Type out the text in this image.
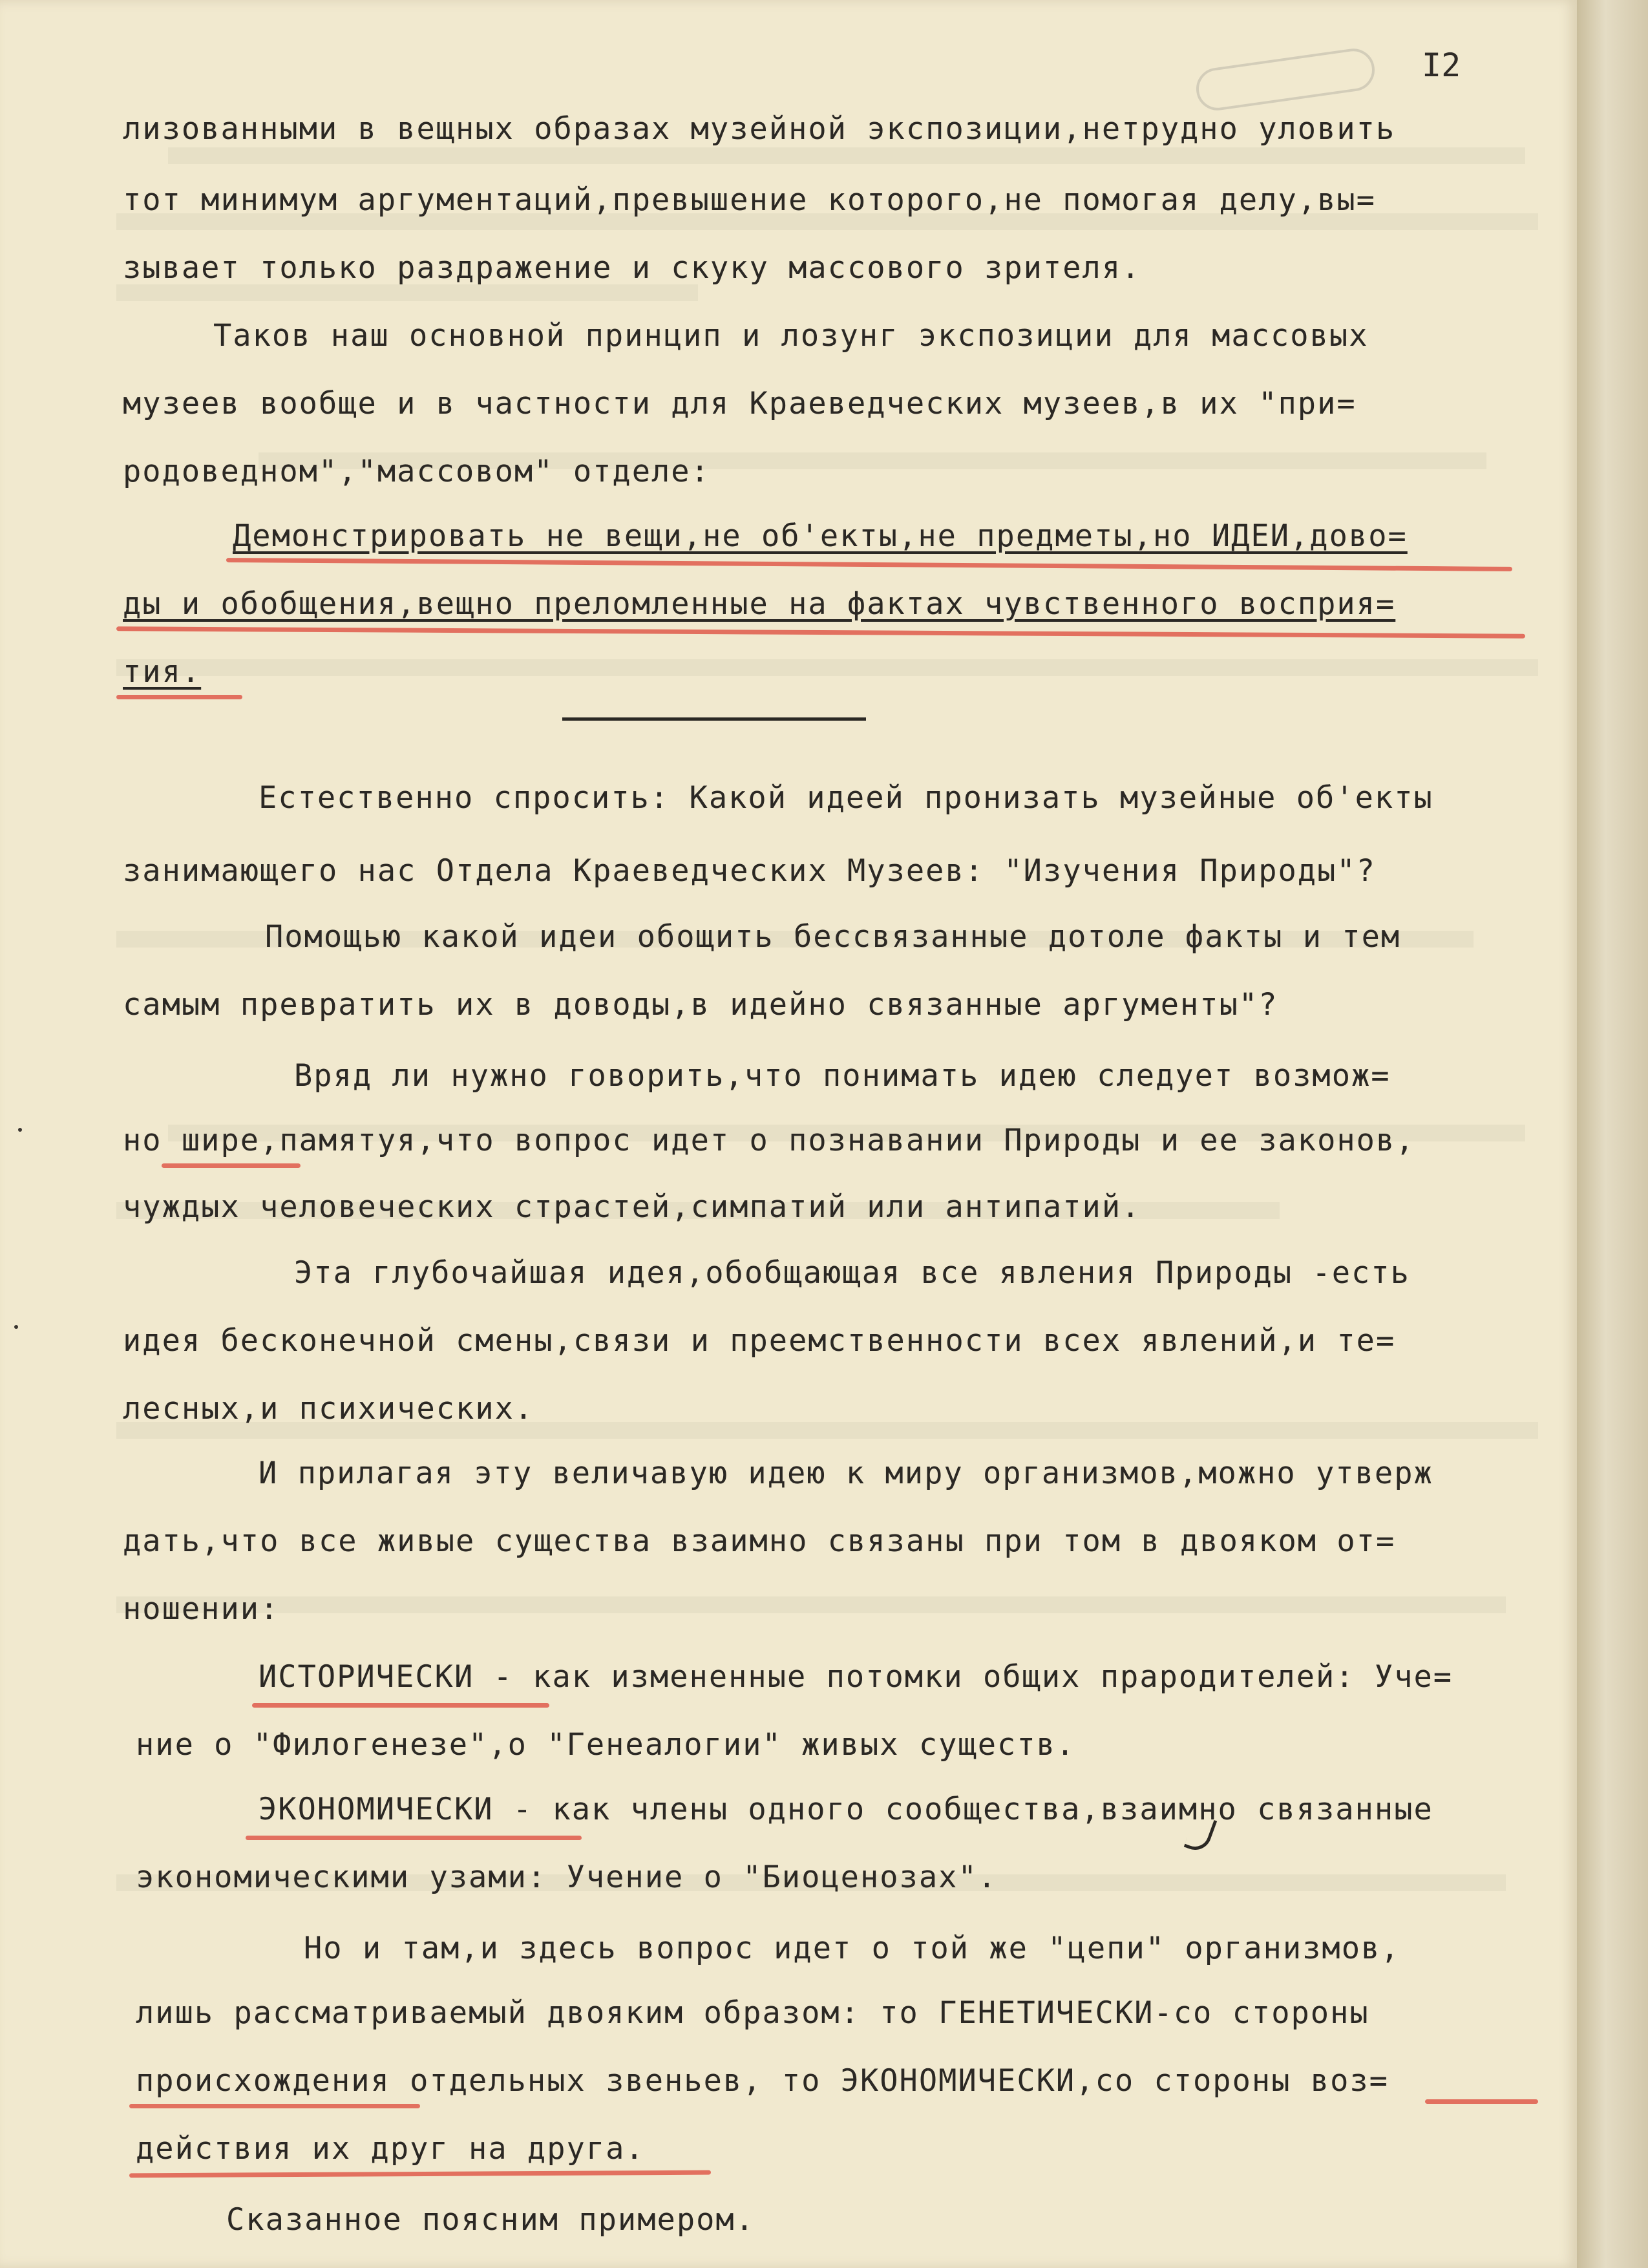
I2
лизованными в вещных образах музейной экспозиции,нетрудно уловить
тот минимум аргументаций,превышение которого,не помогая делу,вы=
зывает только раздражение и скуку массового зрителя.
Таков наш основной принцип и лозунг экспозиции для массовых
музеев вообще и в частности для Краеведческих музеев,в их "при=
родоведном","массовом" отделе:
Демонстрировать не вещи,не об'екты,не предметы,но ИДЕИ,дово=
ды и обобщения,вещно преломленные на фактах чувственного восприя=
тия.
Естественно спросить: Какой идеей пронизать музейные об'екты
занимающего нас Отдела Краеведческих Музеев: "Изучения Природы"?
Помощью какой идеи обощить бессвязанные дотоле факты и тем
самым превратить их в доводы,в идейно связанные аргументы"?
Вряд ли нужно говорить,что понимать идею следует возмож=
но шире,памятуя,что вопрос идет о познавании Природы и ее законов,
чуждых человеческих страстей,симпатий или антипатий.
Эта глубочайшая идея,обобщающая все явления Природы -есть
идея бесконечной смены,связи и преемственности всех явлений,и те=
лесных,и психических.
И прилагая эту величавую идею к миру организмов,можно утверж
дать,что все живые существа взаимно связаны при том в двояком от=
ношении:
ИСТОРИЧЕСКИ - как измененные потомки общих прародителей: Уче=
ние о "Филогенезе",о "Генеалогии" живых существ.
ЭКОНОМИЧЕСКИ - как члены одного сообщества,взаимно связанные
экономическими узами: Учение о "Биоценозах".
Но и там,и здесь вопрос идет о той же "цепи" организмов,
лишь рассматриваемый двояким образом: то ГЕНЕТИЧЕСКИ-со стороны
происхождения отдельных звеньев, то ЭКОНОМИЧЕСКИ,со стороны воз=
действия их друг на друга.
Сказанное поясним примером.
